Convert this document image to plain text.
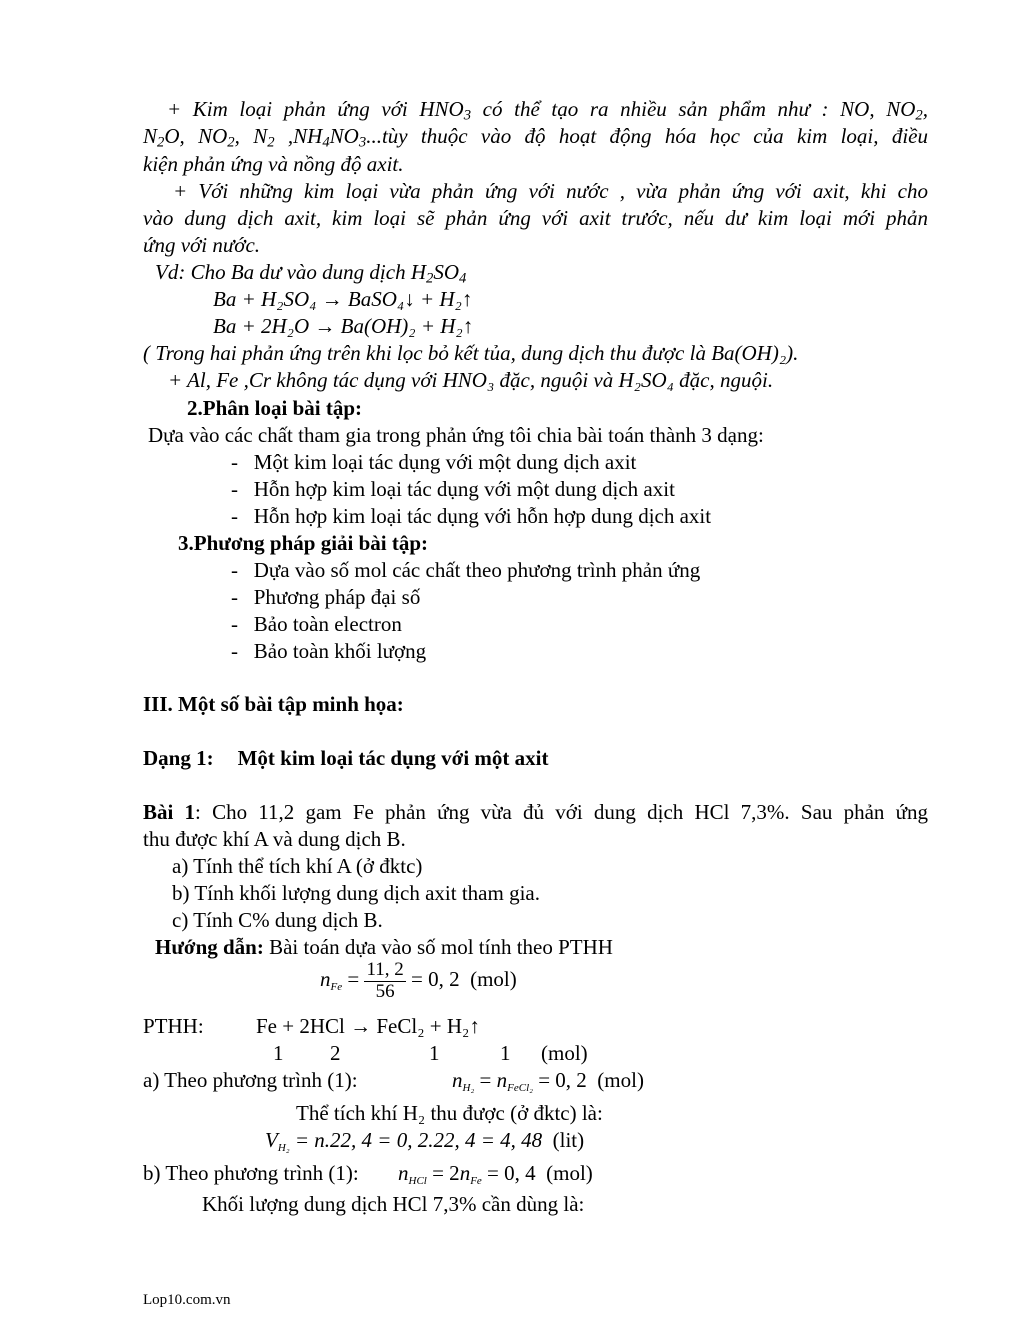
+ Kim loại phản ứng với $HNO_3$ có thể tạo ra nhiều sản phẩm như : NO, $NO_2$,
$N_2O$, $NO_2$, $N_2$ $,NH_4NO_3...tùy$ thuộc vào độ hoạt động hóa học của kim loại, điều
kiện phản ứng và nồng độ axit.
+ Với những kim loại vừa phản ứng với nước , vừa phản ứng với axit, khi cho
vào dung dịch axit, kim loại sẽ phản ứng với axit trước, nếu dư kim loại mới phản
ứng với nước.
Vd: Cho Ba dư vào dung dịch $H_2SO_4$
Ba + H₂SO₄ → BaSO₄↓ + H₂↑
Ba + 2H₂O → Ba(OH)₂ + H₂↑
( Trong hai phản ứng trên khi lọc bỏ kết tủa, dung dịch thu được là Ba(OH)₂).
+ Al, Fe ,Cr không tác dụng với HNO₃ đặc, nguội và H₂SO₄ đặc, nguội.
2.Phân loại bài tập:
Dựa vào các chất tham gia trong phản ứng tôi chia bài toán thành 3 dạng:
-   Một kim loại tác dụng với một dung dịch axit
-   Hỗn hợp kim loại tác dụng với một dung dịch axit
-   Hỗn hợp kim loại tác dụng với hỗn hợp dung dịch axit
3.Phương pháp giải bài tập:
-   Dựa vào số mol các chất theo phương trình phản ứng
-   Phương pháp đại số
-   Bảo toàn electron
-   Bảo toàn khối lượng
III. Một số bài tập minh họa:
Dạng 1: Một kim loại tác dụng với một axit
Bài 1: Cho 11,2 gam Fe phản ứng vừa đủ với dung dịch HCl 7,3%. Sau phản ứng
thu được khí A và dung dịch B.
a) Tính thể tích khí A (ở đktc)
b) Tính khối lượng dung dịch axit tham gia.
c) Tính C% dung dịch B.
Hướng dẫn: Bài toán dựa vào số mol tính theo PTHH
nFe = $\frac{11, 2}{56} = 0$, 2 (mol)
PTHH: Fe + 2HCl → FeCl₂ + H₂↑
1 2	1	1 (mol)
a) Theo phương trình (1):	nH₂ = nFeCl₂ = 0, 2 (mol)
Thể tích khí H₂ thu được (ở đktc) là:
VH₂ = n.22, 4 = 0, 2.22, 4 = 4, 48 (lit)
b) Theo phương trình (1): nHCl = 2nFe = 0, 4 (mol)
Khối lượng dung dịch HCl 7,3% cần dùng là:
Lop10.com.vn
